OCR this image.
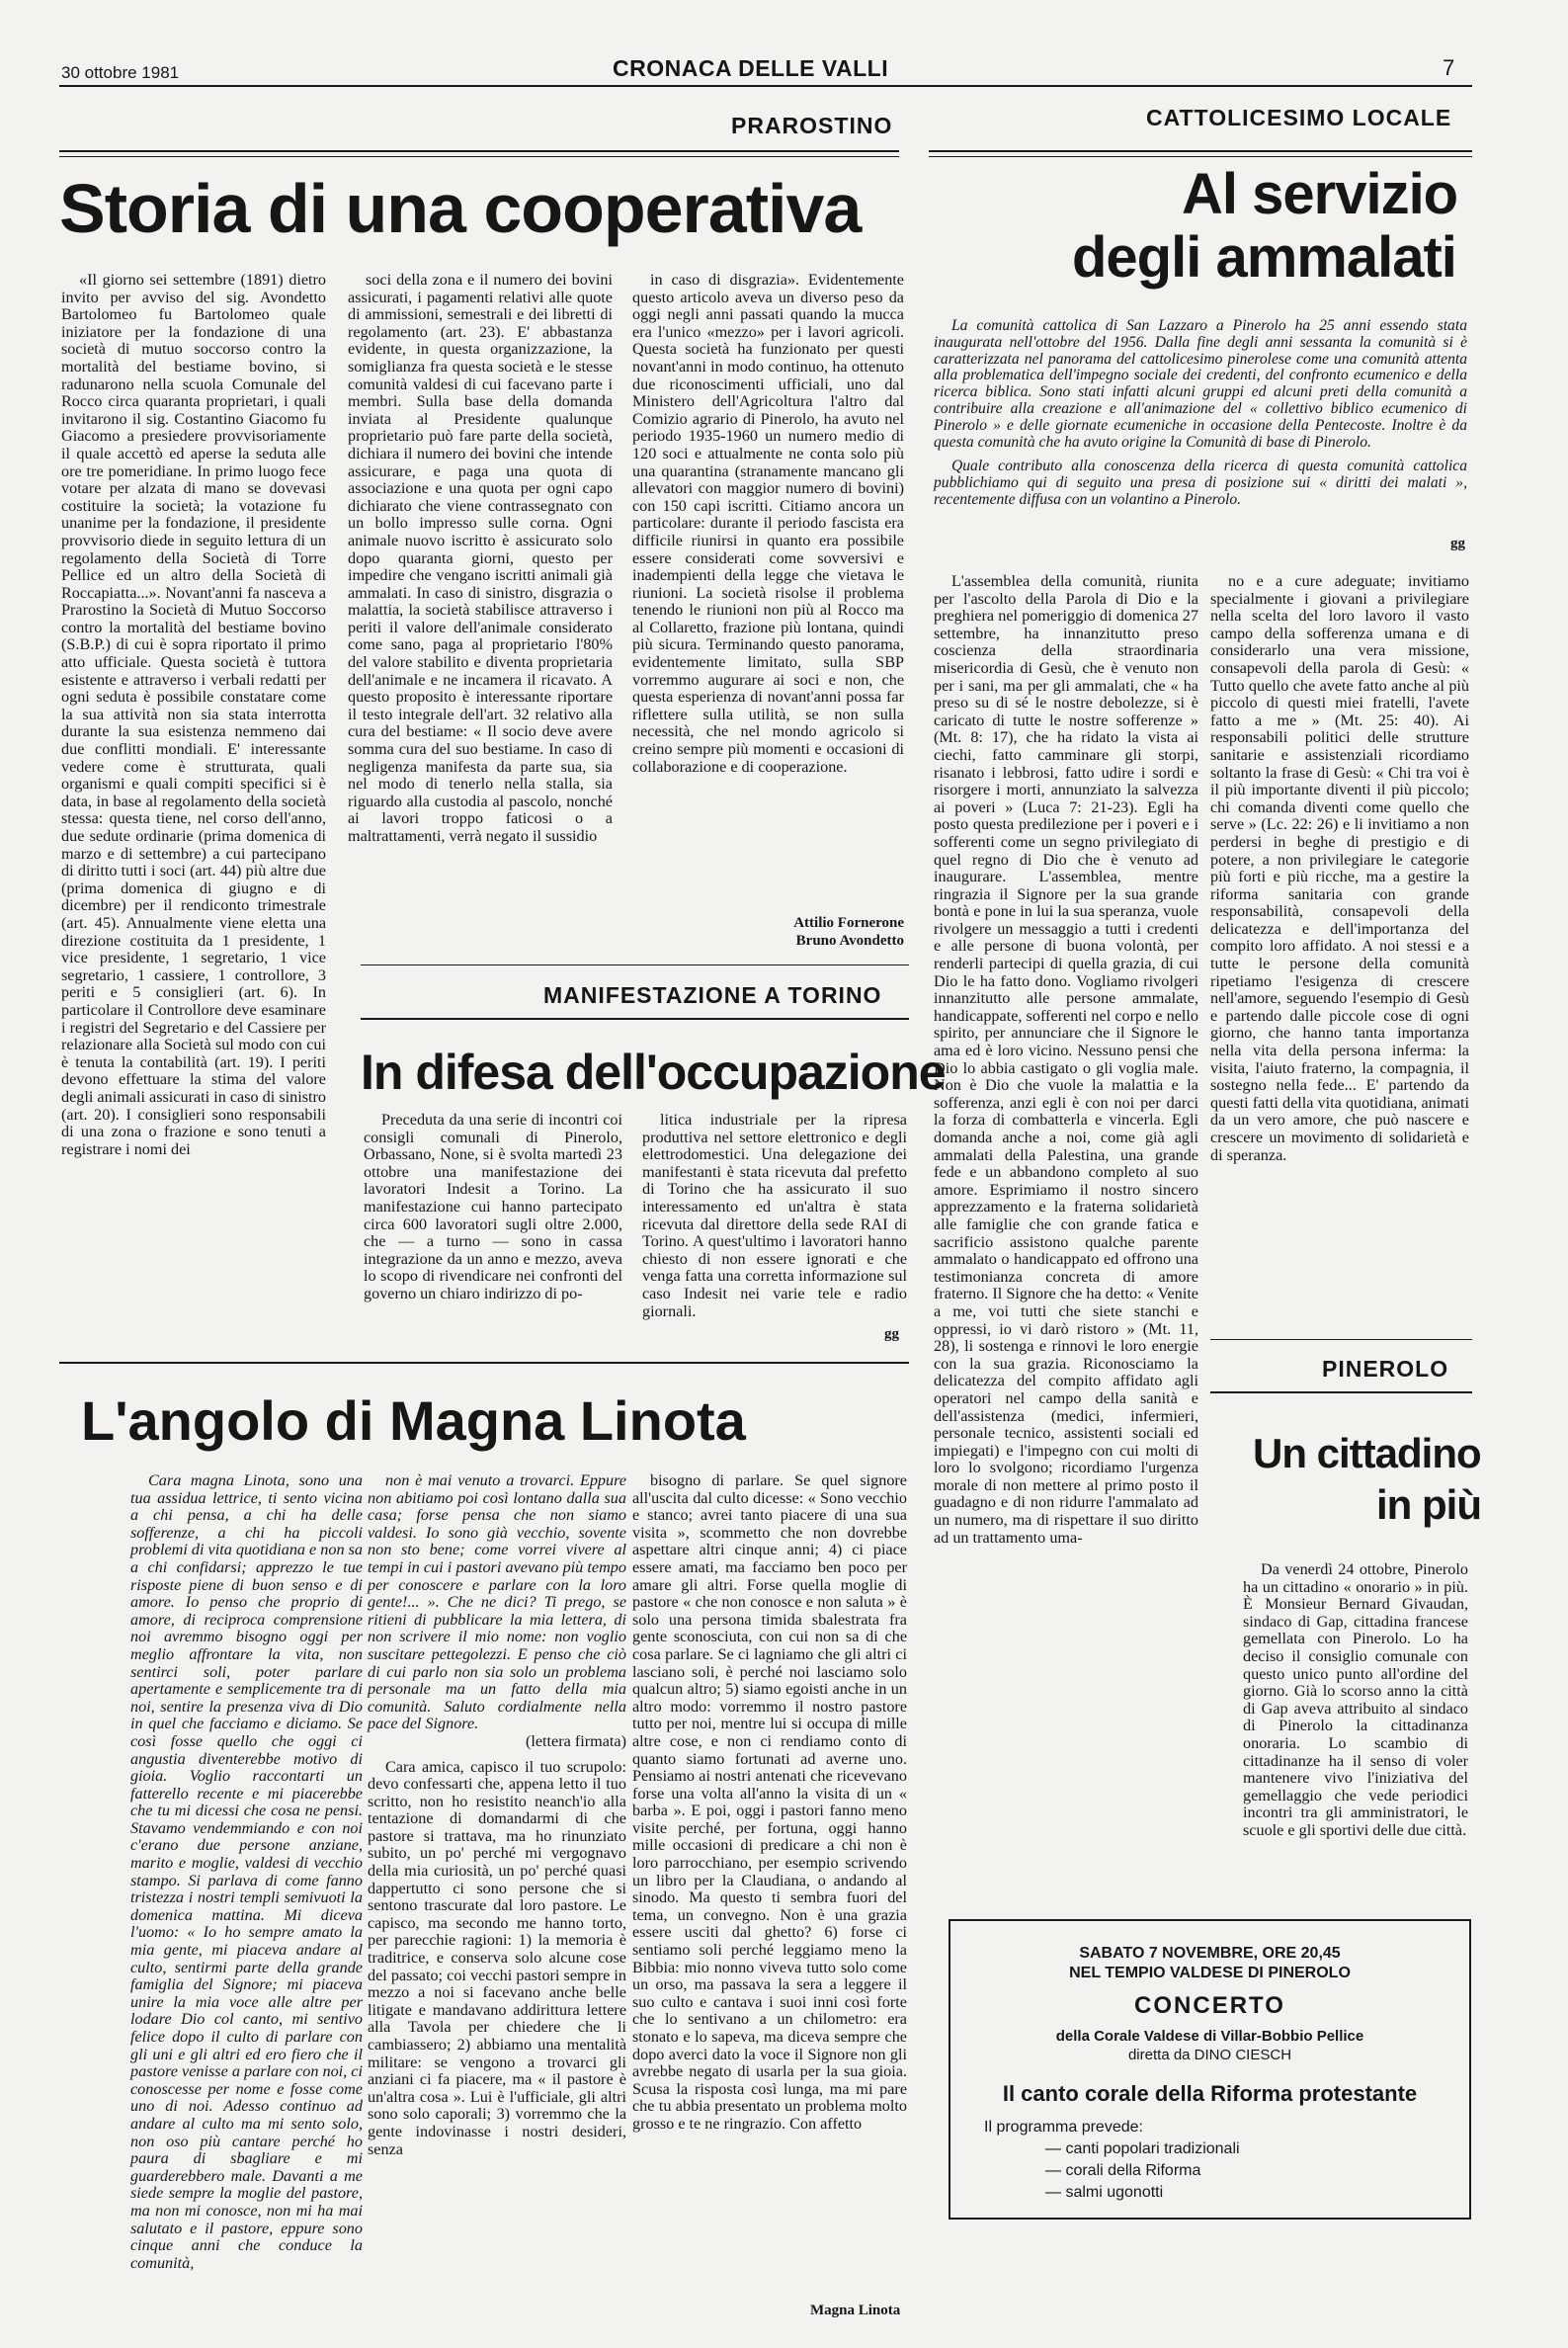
30 ottobre 1981	CRONACA DELLE VALLI	7
PRAROSTINO
Storia di una cooperativa

«Il giorno sei settembre (1891) dietro invito per avviso del sig. Avondetto Bartolomeo fu Bartolomeo quale iniziatore per la fondazione di una società di mutuo soccorso contro la mortalità del bestiame bovino, si radunarono nella scuola Comunale del Rocco circa quaranta proprietari, i quali invitarono il sig. Costantino Giacomo fu Giacomo a presiedere provvisoriamente il quale accettò ed aperse la seduta alle ore tre pomeridiane. In primo luogo fece votare per alzata di mano se dovevasi costituire la società; la votazione fu unanime per la fondazione, il presidente provvisorio diede in seguito lettura di un regolamento della Società di Torre Pellice ed un altro della Società di Roccapiatta...». Novant'anni fa nasceva a Prarostino la Società di Mutuo Soccorso contro la mortalità del bestiame bovino (S.B.P.) di cui è sopra riportato il primo atto ufficiale. Questa società è tuttora esistente e attraverso i verbali redatti per ogni seduta è possibile constatare come la sua attività non sia stata interrotta durante la sua esistenza nemmeno dai due conflitti mondiali. E' interessante vedere come è strutturata, quali organismi e quali compiti specifici si è data, in base al regolamento della società stessa: questa tiene, nel corso dell'anno, due sedute ordinarie (prima domenica di marzo e di settembre) a cui partecipano di diritto tutti i soci (art. 44) più altre due (prima domenica di giugno e di dicembre) per il rendiconto trimestrale (art. 45). Annualmente viene eletta una direzione costituita da 1 presidente, 1 vice presidente, 1 segretario, 1 vice segretario, 1 cassiere, 1 controllore, 3 periti e 5 consiglieri (art. 6). In particolare il Controllore deve esaminare i registri del Segretario e del Cassiere per relazionare alla Società sul modo con cui è tenuta la contabilità (art. 19). I periti devono effettuare la stima del valore degli animali assicurati in caso di sinistro (art. 20). I consiglieri sono responsabili di una zona o frazione e sono tenuti a registrare i nomi dei

soci della zona e il numero dei bovini assicurati, i pagamenti relativi alle quote di ammissioni, semestrali e dei libretti di regolamento (art. 23). E' abbastanza evidente, in questa organizzazione, la somiglianza fra questa società e le stesse comunità valdesi di cui facevano parte i membri. Sulla base della domanda inviata al Presidente qualunque proprietario può fare parte della società, dichiara il numero dei bovini che intende assicurare, e paga una quota di associazione e una quota per ogni capo dichiarato che viene contrassegnato con un bollo impresso sulle corna. Ogni animale nuovo iscritto è assicurato solo dopo quaranta giorni, questo per impedire che vengano iscritti animali già ammalati. In caso di sinistro, disgrazia o malattia, la società stabilisce attraverso i periti il valore dell'animale considerato come sano, paga al proprietario l'80% del valore stabilito e diventa proprietaria dell'animale e ne incamera il ricavato. A questo proposito è interessante riportare il testo integrale dell'art. 32 relativo alla cura del bestiame: « Il socio deve avere somma cura del suo bestiame. In caso di negligenza manifesta da parte sua, sia nel modo di tenerlo nella stalla, sia riguardo alla custodia al pascolo, nonché ai lavori troppo faticosi o a maltrattamenti, verrà negato il sussidio

in caso di disgrazia». Evidentemente questo articolo aveva un diverso peso da oggi negli anni passati quando la mucca era l'unico «mezzo» per i lavori agricoli. Questa società ha funzionato per questi novant'anni in modo continuo, ha ottenuto due riconoscimenti ufficiali, uno dal Ministero dell'Agricoltura l'altro dal Comizio agrario di Pinerolo, ha avuto nel periodo 1935-1960 un numero medio di 120 soci e attualmente ne conta solo più una quarantina (stranamente mancano gli allevatori con maggior numero di bovini) con 150 capi iscritti. Citiamo ancora un particolare: durante il periodo fascista era difficile riunirsi in quanto era possibile essere considerati come sovversivi e inadempienti della legge che vietava le riunioni. La società risolse il problema tenendo le riunioni non più al Rocco ma al Collaretto, frazione più lontana, quindi più sicura. Terminando questo panorama, evidentemente limitato, sulla SBP vorremmo augurare ai soci e non, che questa esperienza di novant'anni possa far riflettere sulla utilità, se non sulla necessità, che nel mondo agricolo si creino sempre più momenti e occasioni di collaborazione e di cooperazione.

Attilio Fornerone

Bruno Avondetto

MANIFESTAZIONE A TORINO
In difesa dell'occupazione

Preceduta da una serie di incontri coi consigli comunali di Pinerolo, Orbassano, None, si è svolta martedì 23 ottobre una manifestazione dei lavoratori Indesit a Torino. La manifestazione cui hanno partecipato circa 600 lavoratori sugli oltre 2.000, che — a turno — sono in cassa integrazione da un anno e mezzo, aveva lo scopo di rivendicare nei confronti del governo un chiaro indirizzo di po-

litica industriale per la ripresa produttiva nel settore elettronico e degli elettrodomestici. Una delegazione dei manifestanti è stata ricevuta dal prefetto di Torino che ha assicurato il suo interessamento ed un'altra è stata ricevuta dal direttore della sede RAI di Torino. A quest'ultimo i lavoratori hanno chiesto di non essere ignorati e che venga fatta una corretta informazione sul caso Indesit nei varie tele e radio giornali.

gg
CATTOLICESIMO LOCALE
Al servizio
degli ammalati

La comunità cattolica di San Lazzaro a Pinerolo ha 25 anni essendo stata inaugurata nell'ottobre del 1956. Dalla fine degli anni sessanta la comunità si è caratterizzata nel panorama del cattolicesimo pinerolese come una comunità attenta alla problematica dell'impegno sociale dei credenti, del confronto ecumenico e della ricerca biblica. Sono stati infatti alcuni gruppi ed alcuni preti della comunità a contribuire alla creazione e all'animazione del « collettivo biblico ecumenico di Pinerolo » e delle giornate ecumeniche in occasione della Pentecoste. Inoltre è da questa comunità che ha avuto origine la Comunità di base di Pinerolo.

Quale contributo alla conoscenza della ricerca di questa comunità cattolica pubblichiamo qui di seguito una presa di posizione sui « diritti dei malati », recentemente diffusa con un volantino a Pinerolo.

gg

L'assemblea della comunità, riunita per l'ascolto della Parola di Dio e la preghiera nel pomeriggio di domenica 27 settembre, ha innanzitutto preso coscienza della straordinaria misericordia di Gesù, che è venuto non per i sani, ma per gli ammalati, che « ha preso su di sé le nostre debolezze, si è caricato di tutte le nostre sofferenze » (Mt. 8: 17), che ha ridato la vista ai ciechi, fatto camminare gli storpi, risanato i lebbrosi, fatto udire i sordi e risorgere i morti, annunziato la salvezza ai poveri » (Luca 7: 21-23). Egli ha posto questa predilezione per i poveri e i sofferenti come un segno privilegiato di quel regno di Dio che è venuto ad inaugurare. L'assemblea, mentre ringrazia il Signore per la sua grande bontà e pone in lui la sua speranza, vuole rivolgere un messaggio a tutti i credenti e alle persone di buona volontà, per renderli partecipi di quella grazia, di cui Dio le ha fatto dono. Vogliamo rivolgeri innanzitutto alle persone ammalate, handicappate, sofferenti nel corpo e nello spirito, per annunciare che il Signore le ama ed è loro vicino. Nessuno pensi che Dio lo abbia castigato o gli voglia male. Non è Dio che vuole la malattia e la sofferenza, anzi egli è con noi per darci la forza di combatterla e vincerla. Egli domanda anche a noi, come già agli ammalati della Palestina, una grande fede e un abbandono completo al suo amore. Esprimiamo il nostro sincero apprezzamento e la fraterna solidarietà alle famiglie che con grande fatica e sacrificio assistono qualche parente ammalato o handicappato ed offrono una testimonianza concreta di amore fraterno. Il Signore che ha detto: « Venite a me, voi tutti che siete stanchi e oppressi, io vi darò ristoro » (Mt. 11, 28), li sostenga e rinnovi le loro energie con la sua grazia. Riconosciamo la delicatezza del compito affidato agli operatori nel campo della sanità e dell'assistenza (medici, infermieri, personale tecnico, assistenti sociali ed impiegati) e l'impegno con cui molti di loro lo svolgono; ricordiamo l'urgenza morale di non mettere al primo posto il guadagno e di non ridurre l'ammalato ad un numero, ma di rispettare il suo diritto ad un trattamento uma-

no e a cure adeguate; invitiamo specialmente i giovani a privilegiare nella scelta del loro lavoro il vasto campo della sofferenza umana e di considerarlo una vera missione, consapevoli della parola di Gesù: « Tutto quello che avete fatto anche al più piccolo di questi miei fratelli, l'avete fatto a me » (Mt. 25: 40). Ai responsabili politici delle strutture sanitarie e assistenziali ricordiamo soltanto la frase di Gesù: « Chi tra voi è il più importante diventi il più piccolo; chi comanda diventi come quello che serve » (Lc. 22: 26) e li invitiamo a non perdersi in beghe di prestigio e di potere, a non privilegiare le categorie più forti e più ricche, ma a gestire la riforma sanitaria con grande responsabilità, consapevoli della delicatezza e dell'importanza del compito loro affidato. A noi stessi e a tutte le persone della comunità ripetiamo l'esigenza di crescere nell'amore, seguendo l'esempio di Gesù e partendo dalle piccole cose di ogni giorno, che hanno tanta importanza nella vita della persona inferma: la visita, l'aiuto fraterno, la compagnia, il sostegno nella fede... E' partendo da questi fatti della vita quotidiana, animati da un vero amore, che può nascere e crescere un movimento di solidarietà e di speranza.

PINEROLO
Un cittadino
in più

Da venerdì 24 ottobre, Pinerolo ha un cittadino « onorario » in più. È Monsieur Bernard Givaudan, sindaco di Gap, cittadina francese gemellata con Pinerolo. Lo ha deciso il consiglio comunale con questo unico punto all'ordine del giorno. Già lo scorso anno la città di Gap aveva attribuito al sindaco di Pinerolo la cittadinanza onoraria. Lo scambio di cittadinanze ha il senso di voler mantenere vivo l'iniziativa del gemellaggio che vede periodici incontri tra gli amministratori, le scuole e gli sportivi delle due città.

L'angolo di Magna Linota

Cara magna Linota, sono una tua assidua lettrice, ti sento vicina a chi pensa, a chi ha delle sofferenze, a chi ha piccoli problemi di vita quotidiana e non sa a chi confidarsi; apprezzo le tue risposte piene di buon senso e di amore. Io penso che proprio di amore, di reciproca comprensione noi avremmo bisogno oggi per meglio affrontare la vita, non sentirci soli, poter parlare apertamente e semplicemente tra di noi, sentire la presenza viva di Dio in quel che facciamo e diciamo. Se così fosse quello che oggi ci angustia diventerebbe motivo di gioia. Voglio raccontarti un fatterello recente e mi piacerebbe che tu mi dicessi che cosa ne pensi. Stavamo vendemmiando e con noi c'erano due persone anziane, marito e moglie, valdesi di vecchio stampo. Si parlava di come fanno tristezza i nostri templi semivuoti la domenica mattina. Mi diceva l'uomo: « Io ho sempre amato la mia gente, mi piaceva andare al culto, sentirmi parte della grande famiglia del Signore; mi piaceva unire la mia voce alle altre per lodare Dio col canto, mi sentivo felice dopo il culto di parlare con gli uni e gli altri ed ero fiero che il pastore venisse a parlare con noi, ci conoscesse per nome e fosse come uno di noi. Adesso continuo ad andare al culto ma mi sento solo, non oso più cantare perché ho paura di sbagliare e mi guarderebbero male. Davanti a me siede sempre la moglie del pastore, ma non mi conosce, non mi ha mai salutato e il pastore, eppure sono cinque anni che conduce la comunità,

non è mai venuto a trovarci. Eppure non abitiamo poi così lontano dalla sua casa; forse pensa che non siamo valdesi. Io sono già vecchio, sovente non sto bene; come vorrei vivere al tempi in cui i pastori avevano più tempo per conoscere e parlare con la loro gente!... ». Che ne dici? Ti prego, se ritieni di pubblicare la mia lettera, di non scrivere il mio nome: non voglio suscitare pettegolezzi. E penso che ciò di cui parlo non sia solo un problema personale ma un fatto della mia comunità. Saluto cordialmente nella pace del Signore.

(lettera firmata)

Cara amica, capisco il tuo scrupolo: devo confessarti che, appena letto il tuo scritto, non ho resistito neanch'io alla tentazione di domandarmi di che pastore si trattava, ma ho rinunziato subito, un po' perché mi vergognavo della mia curiosità, un po' perché quasi dappertutto ci sono persone che si sentono trascurate dal loro pastore. Le capisco, ma secondo me hanno torto, per parecchie ragioni: 1) la memoria è traditrice, e conserva solo alcune cose del passato; coi vecchi pastori sempre in mezzo a noi si facevano anche belle litigate e mandavano addirittura lettere alla Tavola per chiedere che li cambiassero; 2) abbiamo una mentalità militare: se vengono a trovarci gli anziani ci fa piacere, ma « il pastore è un'altra cosa ». Lui è l'ufficiale, gli altri sono solo caporali; 3) vorremmo che la gente indovinasse i nostri desideri, senza

bisogno di parlare. Se quel signore all'uscita dal culto dicesse: « Sono vecchio e stanco; avrei tanto piacere di una sua visita », scommetto che non dovrebbe aspettare altri cinque anni; 4) ci piace essere amati, ma facciamo ben poco per amare gli altri. Forse quella moglie di pastore « che non conosce e non saluta » è solo una persona timida sbalestrata fra gente sconosciuta, con cui non sa di che cosa parlare. Se ci lagniamo che gli altri ci lasciano soli, è perché noi lasciamo solo qualcun altro; 5) siamo egoisti anche in un altro modo: vorremmo il nostro pastore tutto per noi, mentre lui si occupa di mille altre cose, e non ci rendiamo conto di quanto siamo fortunati ad averne uno. Pensiamo ai nostri antenati che ricevevano forse una volta all'anno la visita di un « barba ». E poi, oggi i pastori fanno meno visite perché, per fortuna, oggi hanno mille occasioni di predicare a chi non è loro parrocchiano, per esempio scrivendo un libro per la Claudiana, o andando al sinodo. Ma questo ti sembra fuori del tema, un convegno. Non è una grazia essere usciti dal ghetto? 6) forse ci sentiamo soli perché leggiamo meno la Bibbia: mio nonno viveva tutto solo come un orso, ma passava la sera a leggere il suo culto e cantava i suoi inni così forte che lo sentivano a un chilometro: era stonato e lo sapeva, ma diceva sempre che dopo averci dato la voce il Signore non gli avrebbe negato di usarla per la sua gioia. Scusa la risposta così lunga, ma mi pare che tu abbia presentato un problema molto grosso e te ne ringrazio. Con affetto

Magna Linota
SABATO 7 NOVEMBRE, ORE 20,45
NEL TEMPIO VALDESE DI PINEROLO
CONCERTO
della Corale Valdese di Villar-Bobbio Pellice
diretta da DINO CIESCH
Il canto corale della Riforma protestante
Il programma prevede:
— canti popolari tradizionali
— corali della Riforma
— salmi ugonotti
